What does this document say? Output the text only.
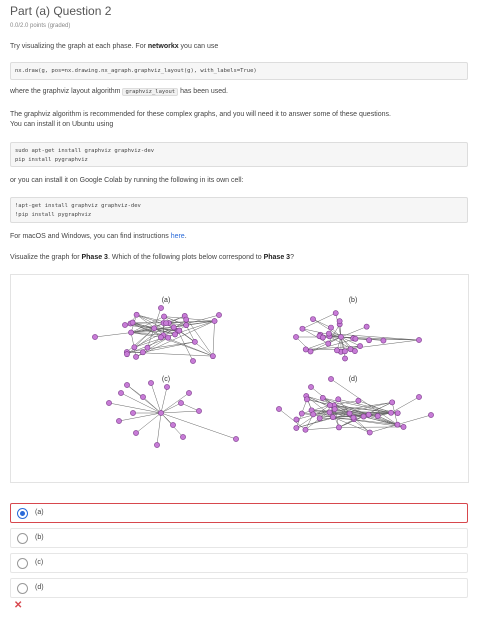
Part (a) Question 2
0.0/2.0 points (graded)
Try visualizing the graph at each phase. For networkx you can use
nx.draw(g, pos=nx.drawing.nx_agraph.graphviz_layout(g), with_labels=True)
where the graphviz layout algorithm graphviz_layout has been used.
The graphviz algorithm is recommended for these complex graphs, and you will need it to answer some of these questions.
You can install it on Ubuntu using
sudo apt-get install graphviz graphviz-dev
pip install pygraphviz
or you can install it on Google Colab by running the following in its own cell:
!apt-get install graphviz graphviz-dev
!pip install pygraphviz
For macOS and Windows, you can find instructions here.
Visualize the graph for Phase 3. Which of the following plots below correspond to Phase 3?
(a)	(b)
(c)	(d)
(a)
(b)
(c)
(d)
✕
